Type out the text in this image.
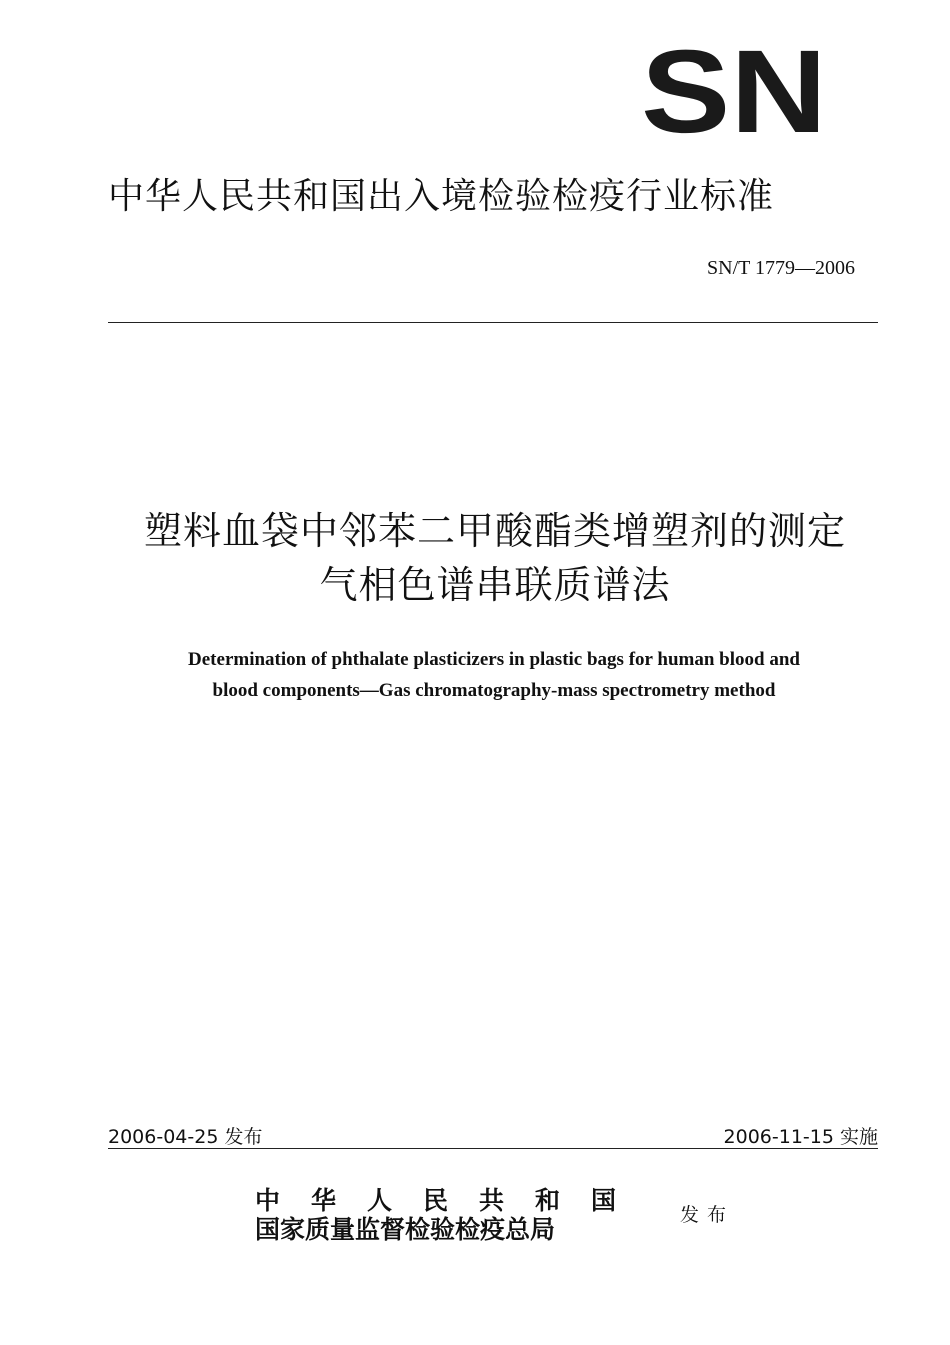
SN
中华人民共和国出入境检验检疫行业标准
SN/T 1779—2006
塑料血袋中邻苯二甲酸酯类增塑剂的测定
气相色谱串联质谱法
Determination of phthalate plasticizers in plastic bags for human blood and
blood components—Gas chromatography-mass spectrometry method
2006-04-25 发布	2006-11-15 实施
中华人民共和国
国家质量监督检验检疫总局	发布
